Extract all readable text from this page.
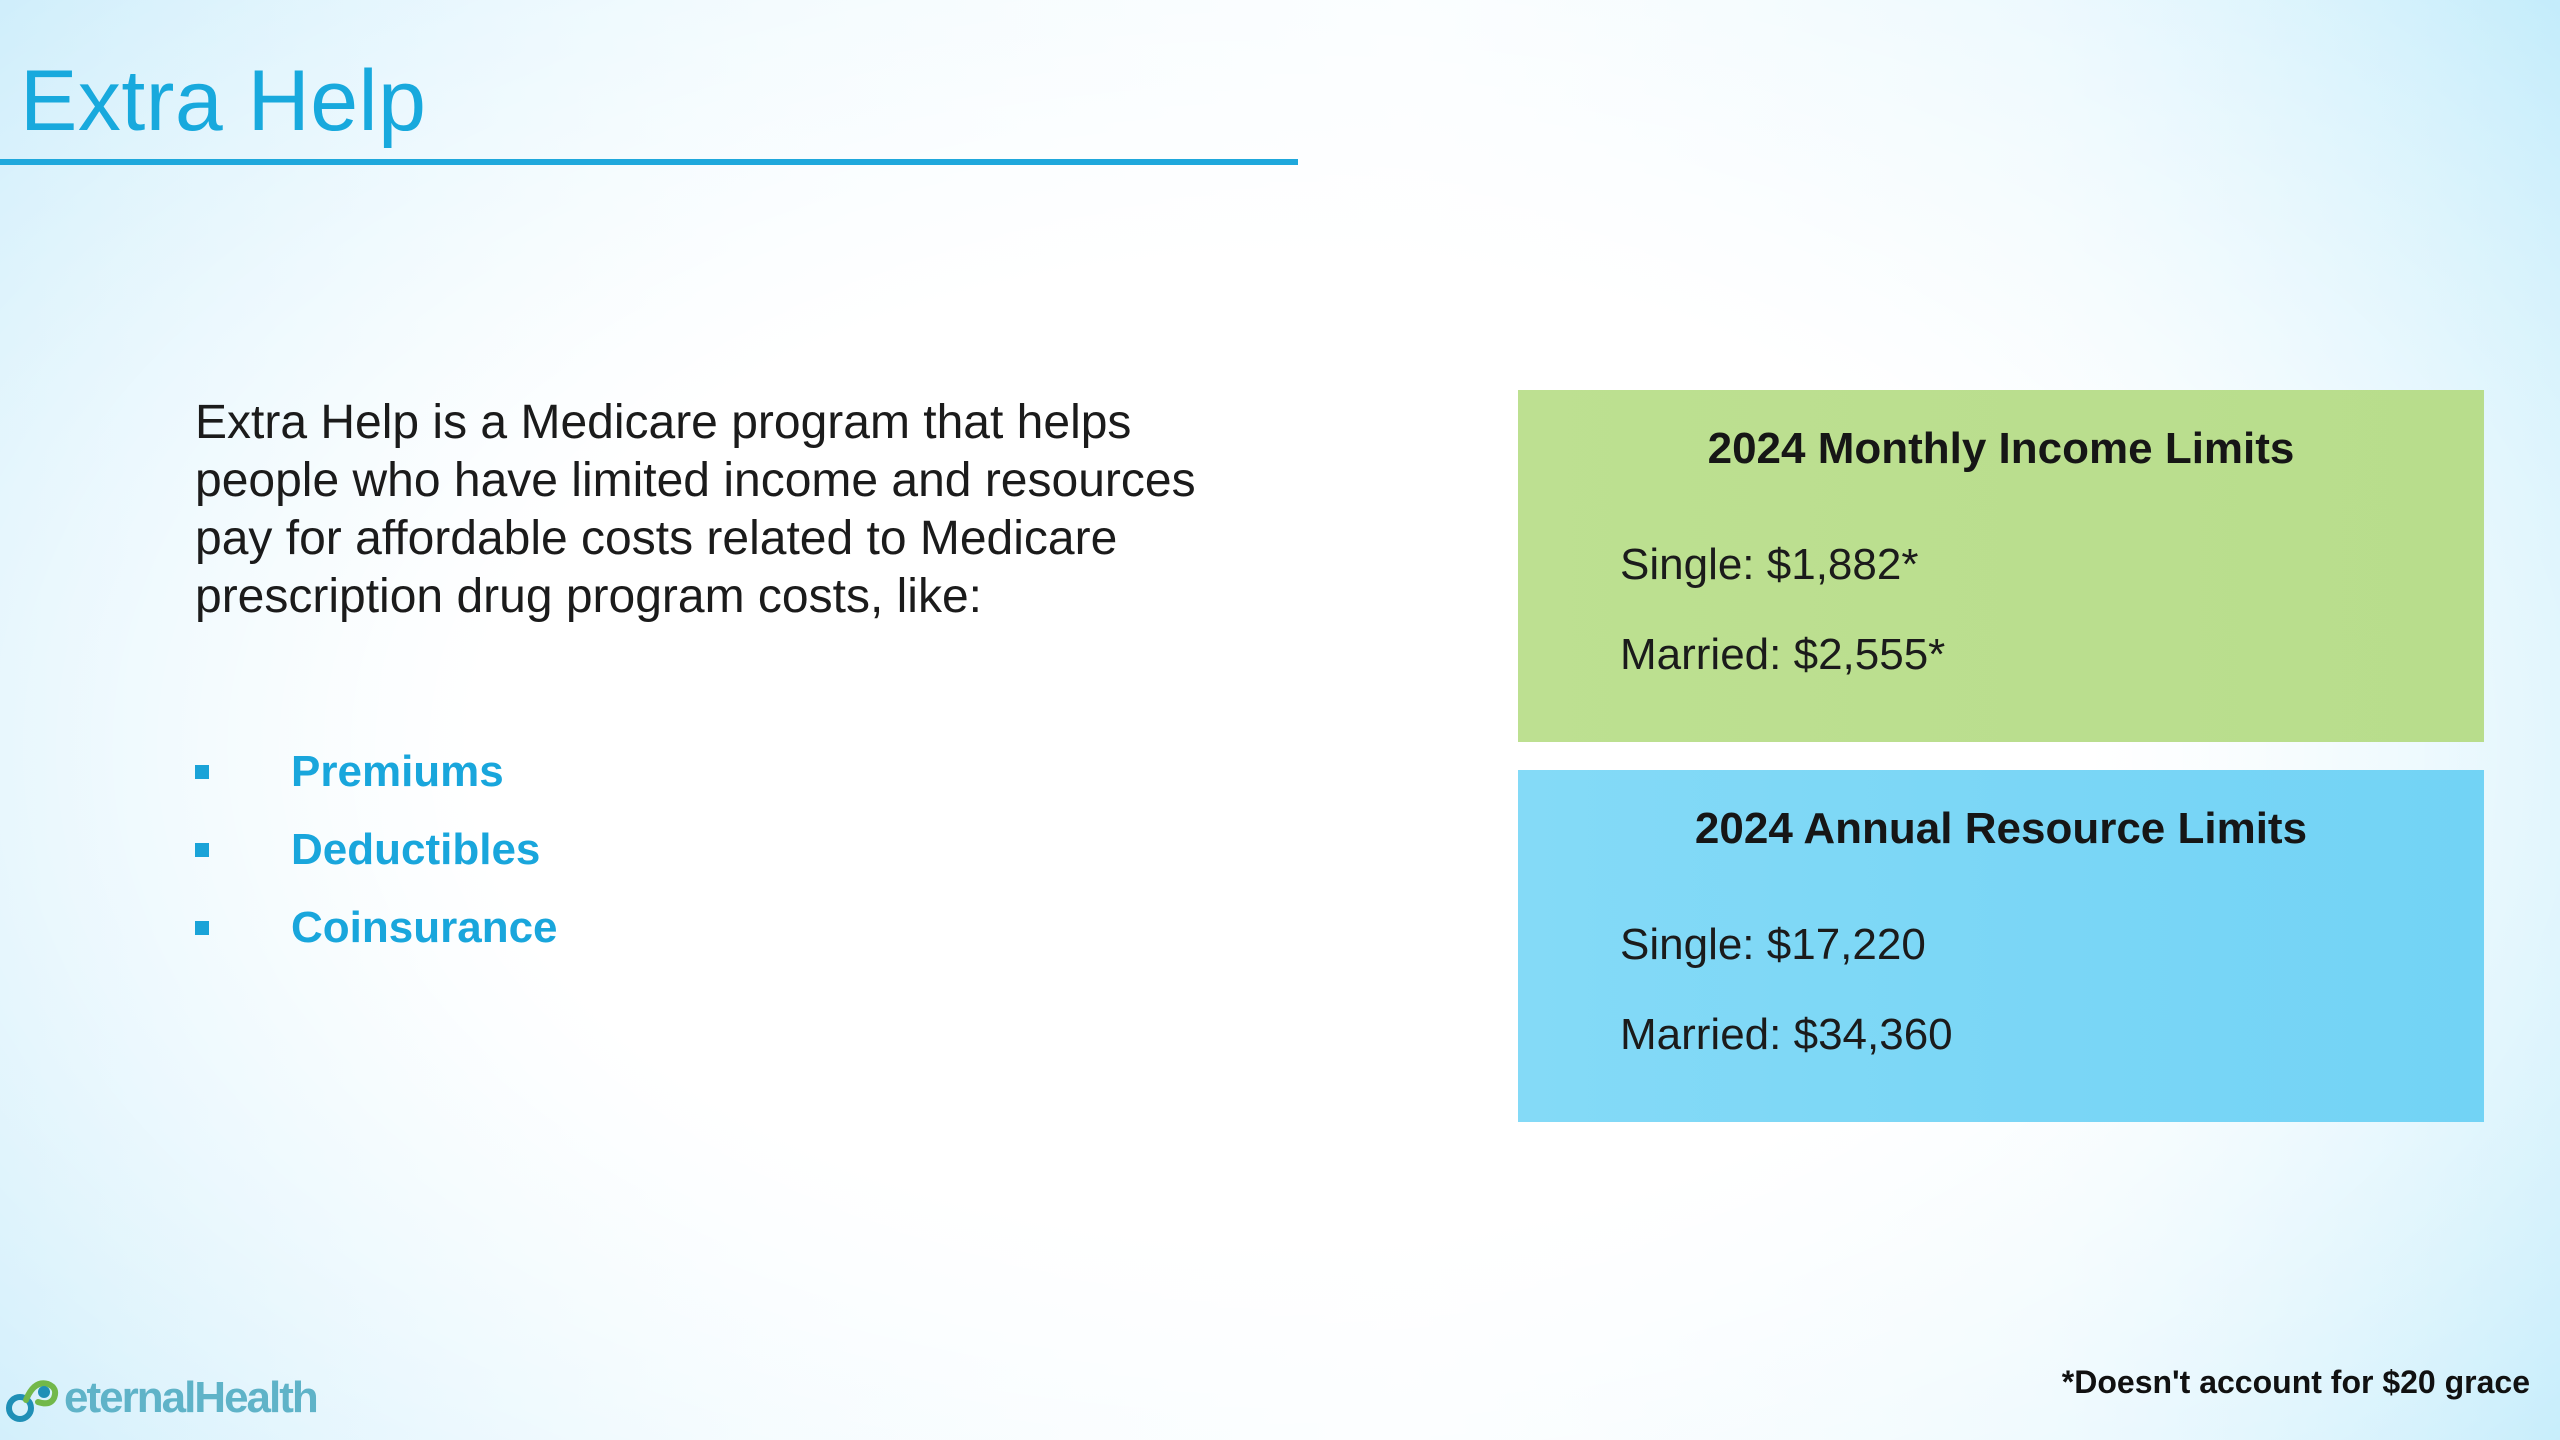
Extra Help
Extra Help is a Medicare program that helps people who have limited income and resources pay for affordable costs related to Medicare prescription drug program costs, like:
Premiums
Deductibles
Coinsurance
2024 Monthly Income Limits
Single: $1,882*
Married: $2,555*
2024 Annual Resource Limits
Single: $17,220
Married: $34,360
eternalHealth	*Doesn't account for $20 grace
